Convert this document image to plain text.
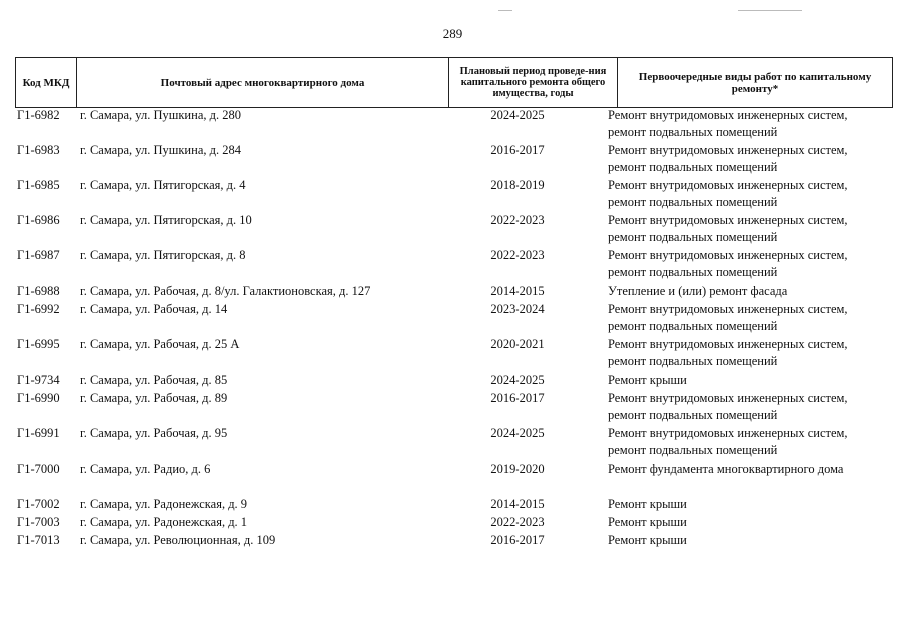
289
Код МКД	Почтовый адрес многоквартирного дома
Плановый период проведе-ния капитального ремонта общего имущества, годы
Первоочередные виды работ по капитальному ремонту*
Г1-6982 г. Самара, ул. Пушкина, д. 280	2024-2025	Ремонт внутридомовых инженерных систем,
ремонт подвальных помещений
Г1-6983 г. Самара, ул. Пушкина, д. 284	2016-2017	Ремонт внутридомовых инженерных систем,
ремонт подвальных помещений
Г1-6985 г. Самара, ул. Пятигорская, д. 4	2018-2019	Ремонт внутридомовых инженерных систем,
ремонт подвальных помещений
Г1-6986 г. Самара, ул. Пятигорская, д. 10	2022-2023	Ремонт внутридомовых инженерных систем,
ремонт подвальных помещений
Г1-6987 г. Самара, ул. Пятигорская, д. 8	2022-2023	Ремонт внутридомовых инженерных систем,
ремонт подвальных помещений
Г1-6988 г. Самара, ул. Рабочая, д. 8/ул. Галактионовская, д. 127	2014-2015	Утепление и (или) ремонт фасада
Г1-6992 г. Самара, ул. Рабочая, д. 14	2023-2024	Ремонт внутридомовых инженерных систем,
ремонт подвальных помещений
Г1-6995 г. Самара, ул. Рабочая, д. 25 А	2020-2021	Ремонт внутридомовых инженерных систем,
ремонт подвальных помещений
Г1-9734 г. Самара, ул. Рабочая, д. 85	2024-2025	Ремонт крыши
Г1-6990 г. Самара, ул. Рабочая, д. 89	2016-2017	Ремонт внутридомовых инженерных систем,
ремонт подвальных помещений
Г1-6991 г. Самара, ул. Рабочая, д. 95	2024-2025	Ремонт внутридомовых инженерных систем,
ремонт подвальных помещений
Г1-7000 г. Самара, ул. Радио, д. 6	2019-2020	Ремонт фундамента многоквартирного дома
Г1-7002 г. Самара, ул. Радонежская, д. 9	2014-2015	Ремонт крыши
Г1-7003 г. Самара, ул. Радонежская, д. 1	2022-2023	Ремонт крыши
Г1-7013 г. Самара, ул. Революционная, д. 109	2016-2017	Ремонт крыши
